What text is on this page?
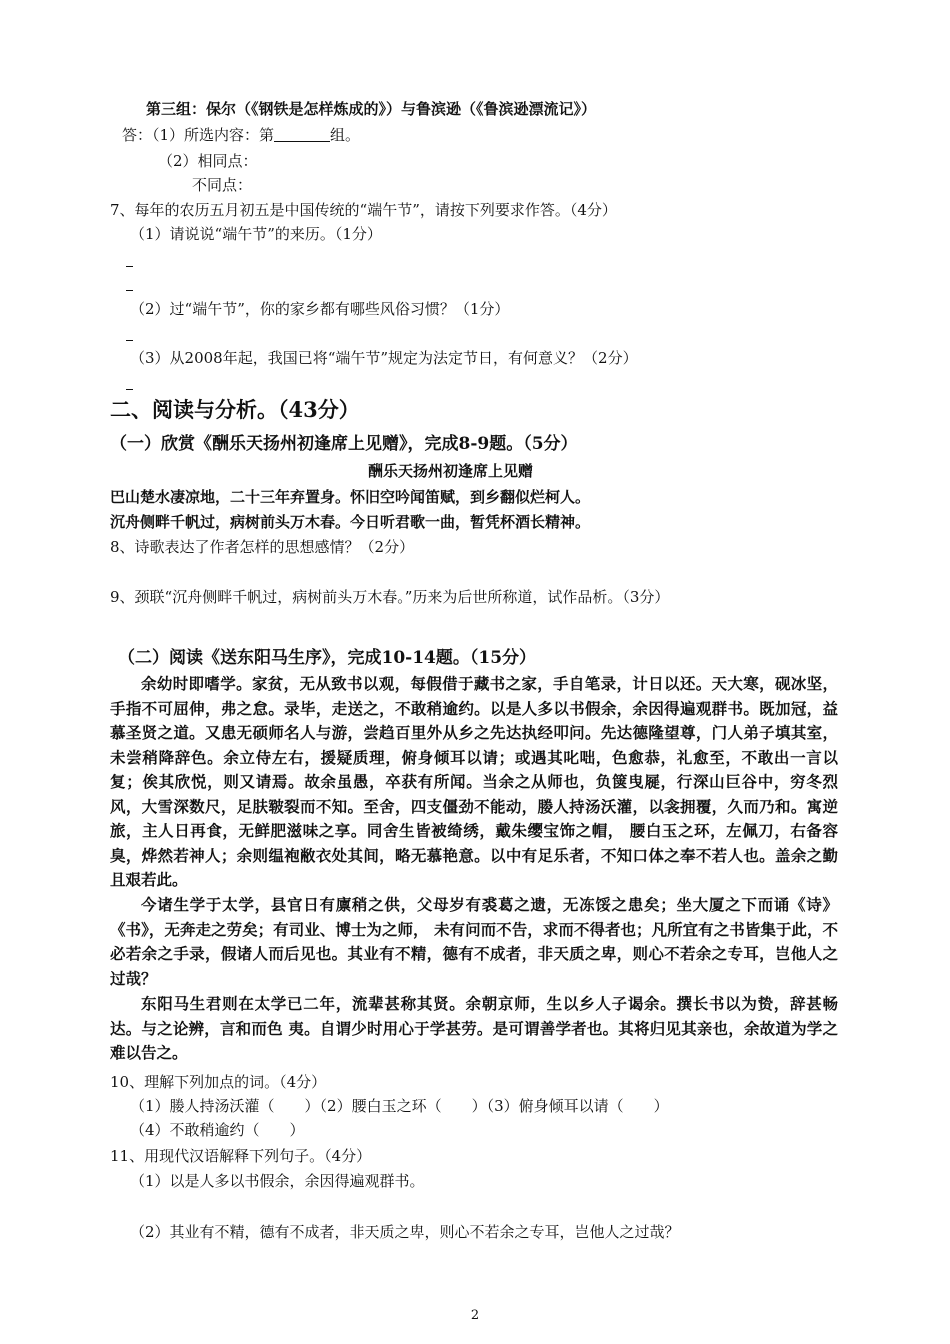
第三组：保尔（《钢铁是怎样炼成的》）与鲁滨逊（《鲁滨逊漂流记》）
答：（1）所选内容：第	组。
（2）相同点：
不同点：
7、每年的农历五月初五是中国传统的“端午节”，请按下列要求作答。（4分）
（1）请说说“端午节”的来历。（1分）
（2）过“端午节”，你的家乡都有哪些风俗习惯？（1分）
（3）从2008年起，我国已将“端午节”规定为法定节日，有何意义？（2分）
二、阅读与分析。（43分）
（一）欣赏《酬乐天扬州初逢席上见赠》，完成8-9题。（5分）
酬乐天扬州初逢席上见赠
巴山楚水凄凉地，二十三年弃置身。怀旧空吟闻笛赋，到乡翻似烂柯人。
沉舟侧畔千帆过，病树前头万木春。今日听君歌一曲，暂凭杯酒长精神。
8、诗歌表达了作者怎样的思想感情？（2分）
9、颈联“沉舟侧畔千帆过，病树前头万木春。”历来为后世所称道，试作品析。（3分）
（二）阅读《送东阳马生序》，完成10-14题。（15分）
余幼时即嗜学。家贫，无从致书以观，每假借于藏书之家，手自笔录，计日以还。天大寒，砚冰坚，手指不可屈伸，弗之怠。录毕，走送之，不敢稍逾约。以是人多以书假余，余因得遍观群书。既加冠，益慕圣贤之道。又患无硕师名人与游，尝趋百里外从乡之先达执经叩问。先达德隆望尊，门人弟子填其室，未尝稍降辞色。余立侍左右，援疑质理，俯身倾耳以请；或遇其叱咄，色愈恭，礼愈至，不敢出一言以复；俟其欣悦，则又请焉。故余虽愚，卒获有所闻。当余之从师也，负箧曳屣，行深山巨谷中，穷冬烈风，大雪深数尺，足肤皲裂而不知。至舍，四支僵劲不能动，媵人持汤沃灌，以衾拥覆，久而乃和。寓逆旅，主人日再食，无鲜肥滋味之享。同舍生皆被绮绣，戴朱缨宝饰之帽， 腰白玉之环，左佩刀，右备容臭，烨然若神人；余则缊袍敝衣处其间，略无慕艳意。以中有足乐者，不知口体之奉不若人也。盖余之勤且艰若此。
今诸生学于太学，县官日有廪稍之供，父母岁有裘葛之遗，无冻馁之患矣；坐大厦之下而诵《诗》《书》，无奔走之劳矣；有司业、博士为之师， 未有问而不告，求而不得者也；凡所宜有之书皆集于此，不必若余之手录，假诸人而后见也。其业有不精，德有不成者，非天质之卑，则心不若余之专耳，岂他人之过哉？
东阳马生君则在太学已二年，流辈甚称其贤。余朝京师，生以乡人子谒余。撰长书以为贽，辞甚畅达。与之论辨，言和而色 夷。自谓少时用心于学甚劳。是可谓善学者也。其将归见其亲也，余故道为学之难以告之。
10、理解下列加点的词。（4分）
（1）媵人持汤沃灌（　　）（2）腰白玉之环（　　）（3）俯身倾耳以请（　　）
（4）不敢稍逾约（　　）
11、用现代汉语解释下列句子。（4分）
（1）以是人多以书假余，余因得遍观群书。
（2）其业有不精，德有不成者，非天质之卑，则心不若余之专耳，岂他人之过哉？
2
